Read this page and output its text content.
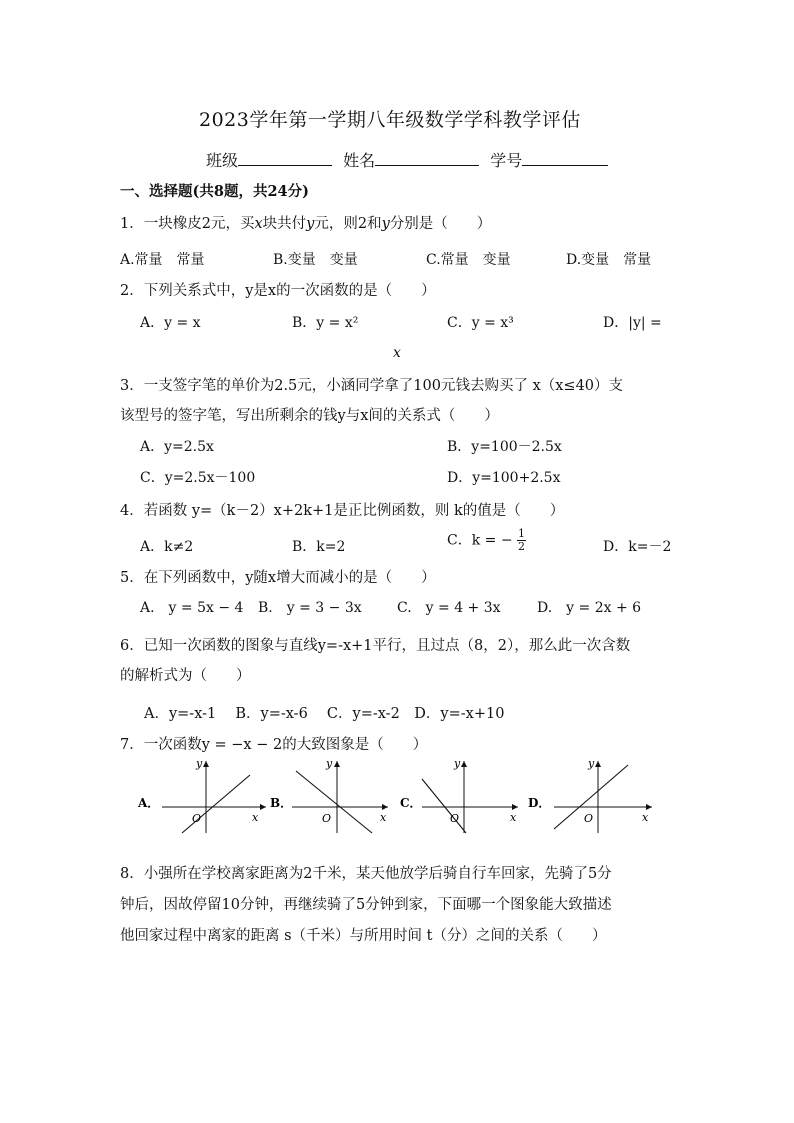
2023学年第一学期八年级数学学科教学评估
班级	姓名	学号
一、选择题(共8题，共24分)
1．一块橡皮2元，买x块共付y元，则2和y分别是（　　）
A.常量　常量	B.变量　变量	C.常量　变量	D.变量　常量
2．下列关系式中，y是x的一次函数的是（　　）
A．y = x	B．y = x²	C．y = x³	D．|y| =
x
3．一支签字笔的单价为2.5元，小涵同学拿了100元钱去购买了 x（x≤40）支
该型号的签字笔，写出所剩余的钱y与x间的关系式（　　）
A．y=2.5x	B．y=100－2.5x
C．y=2.5x－100	D．y=100+2.5x
4．若函数 y=（k－2）x+2k+1是正比例函数，则 k的值是（　　）
A．k≠2	B．k=2	C．k = − $\frac{1}{2}$	D．k=－2
5．在下列函数中，y随x增大而减小的是（　　）
A.　y = 5x − 4 B.　y = 3 − 3x	C.　y = 4 + 3x	D.　y = 2x + 6
6．已知一次函数的图象与直线y=-x+1平行，且过点（8，2），那么此一次含数
的解析式为（　　）
A．y=-x-1　 B．y=-x-6　 C．y=-x-2　D．y=-x+10
7．一次函数y = −x − 2的大致图象是（　　）
A．
y
x
O
B．
y
x
O
C．
y
x
O
D．
y
x
O
8．小强所在学校离家距离为2千米，某天他放学后骑自行车回家，先骑了5分
钟后，因故停留10分钟，再继续骑了5分钟到家，下面哪一个图象能大致描述
他回家过程中离家的距离 s（千米）与所用时间 t（分）之间的关系（　　）
